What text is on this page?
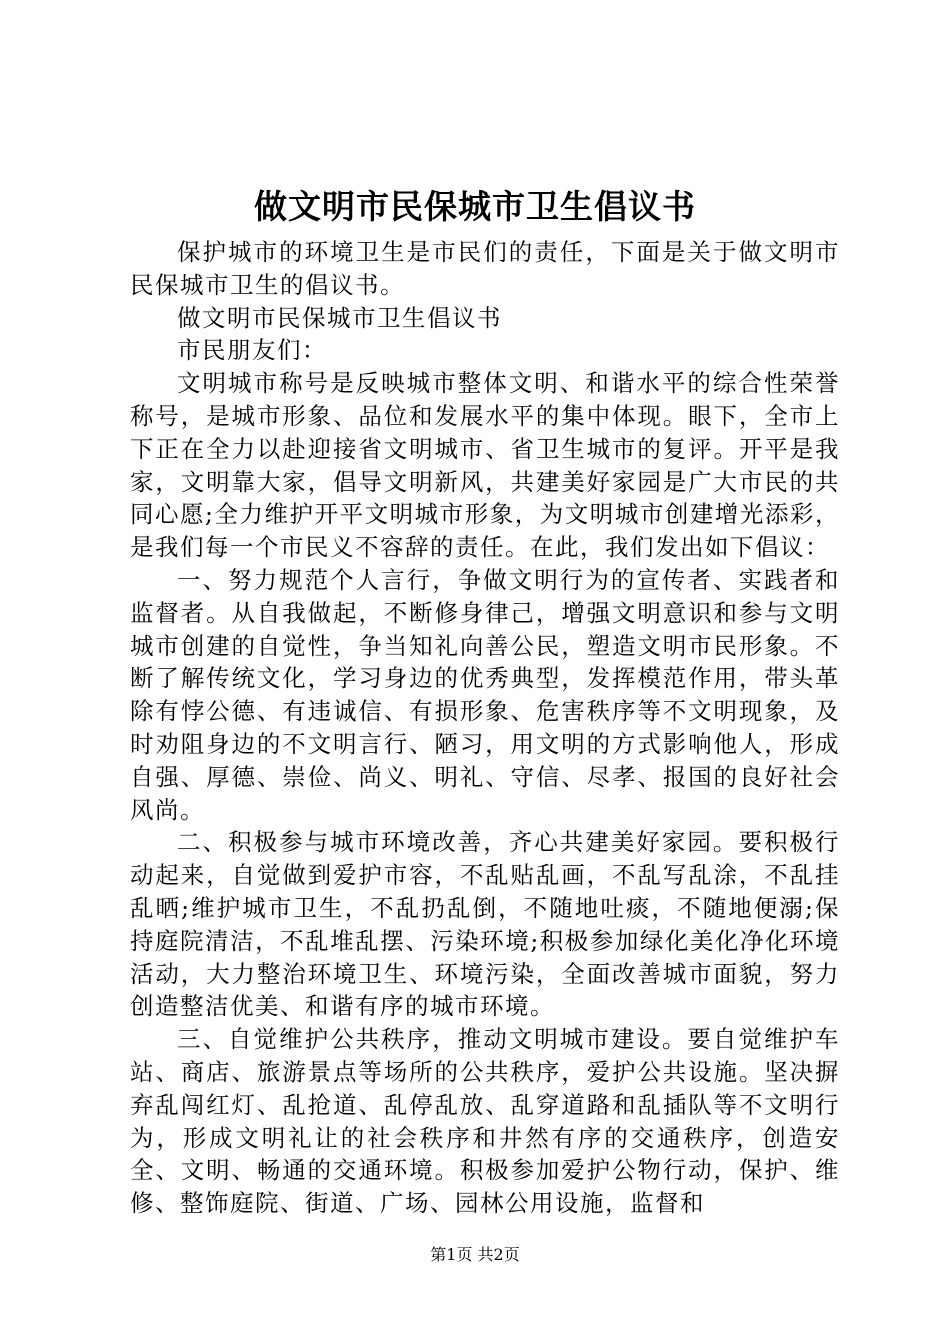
做文明市民保城市卫生倡议书

保护城市的环境卫生是市民们的责任，下面是关于做文明市民保城市卫生的倡议书。

做文明市民保城市卫生倡议书

市民朋友们：

文明城市称号是反映城市整体文明、和谐水平的综合性荣誉称号，是城市形象、品位和发展水平的集中体现。眼下，全市上下正在全力以赴迎接省文明城市、省卫生城市的复评。开平是我家，文明靠大家，倡导文明新风，共建美好家园是广大市民的共同心愿;全力维护开平文明城市形象，为文明城市创建增光添彩，是我们每一个市民义不容辞的责任。在此，我们发出如下倡议：

一、努力规范个人言行，争做文明行为的宣传者、实践者和监督者。从自我做起，不断修身律己，增强文明意识和参与文明城市创建的自觉性，争当知礼向善公民，塑造文明市民形象。不断了解传统文化，学习身边的优秀典型，发挥模范作用，带头革除有悖公德、有违诚信、有损形象、危害秩序等不文明现象，及时劝阻身边的不文明言行、陋习，用文明的方式影响他人，形成自强、厚德、崇俭、尚义、明礼、守信、尽孝、报国的良好社会风尚。

二、积极参与城市环境改善，齐心共建美好家园。要积极行动起来，自觉做到爱护市容，不乱贴乱画，不乱写乱涂，不乱挂乱晒;维护城市卫生，不乱扔乱倒，不随地吐痰，不随地便溺;保持庭院清洁，不乱堆乱摆、污染环境;积极参加绿化美化净化环境活动，大力整治环境卫生、环境污染，全面改善城市面貌，努力创造整洁优美、和谐有序的城市环境。

三、自觉维护公共秩序，推动文明城市建设。要自觉维护车站、商店、旅游景点等场所的公共秩序，爱护公共设施。坚决摒弃乱闯红灯、乱抢道、乱停乱放、乱穿道路和乱插队等不文明行为，形成文明礼让的社会秩序和井然有序的交通秩序，创造安全、文明、畅通的交通环境。积极参加爱护公物行动，保护、维修、整饰庭院、街道、广场、园林公用设施，监督和

第1页 共2页
